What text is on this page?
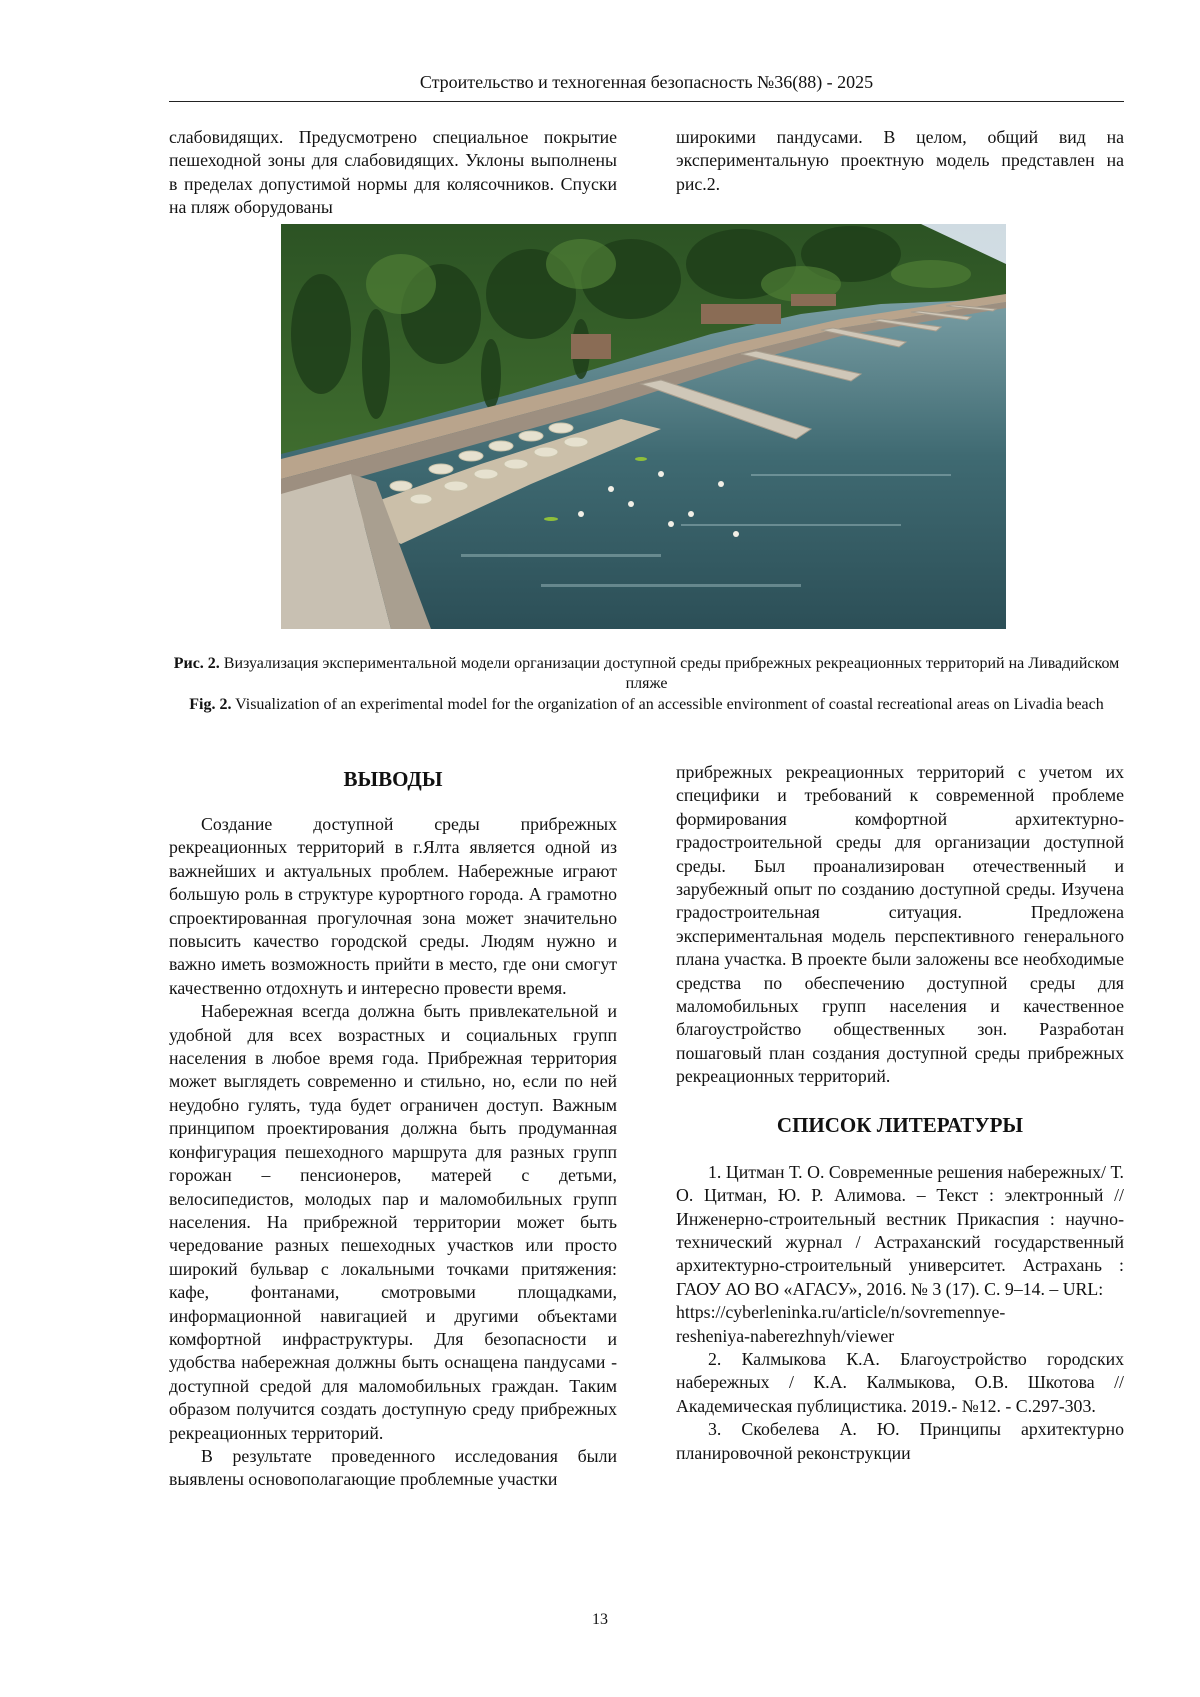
Строительство и техногенная безопасность №36(88) - 2025

слабовидящих. Предусмотрено специальное покрытие пешеходной зоны для слабовидящих. Уклоны выполнены в пределах допустимой нормы для колясочников. Спуски на пляж оборудованы

широкими пандусами. В целом, общий вид на экспериментальную проектную модель представлен на рис.2.

Рис. 2. Визуализация экспериментальной модели организации доступной среды прибрежных рекреационных территорий на Ливадийском пляже
Fig. 2. Visualization of an experimental model for the organization of an accessible environment of coastal recreational areas on Livadia beach
ВЫВОДЫ

Создание доступной среды прибрежных рекреационных территорий в г.Ялта является одной из важнейших и актуальных проблем. Набережные играют большую роль в структуре курортного города. А грамотно спроектированная прогулочная зона может значительно повысить качество городской среды. Людям нужно и важно иметь возможность прийти в место, где они смогут качественно отдохнуть и интересно провести время.

Набережная всегда должна быть привлекательной и удобной для всех возрастных и социальных групп населения в любое время года. Прибрежная территория может выглядеть современно и стильно, но, если по ней неудобно гулять, туда будет ограничен доступ. Важным принципом проектирования должна быть продуманная конфигурация пешеходного маршрута для разных групп горожан – пенсионеров, матерей с детьми, велосипедистов, молодых пар и маломобильных групп населения. На прибрежной территории может быть чередование разных пешеходных участков или просто широкий бульвар с локальными точками притяжения: кафе, фонтанами, смотровыми площадками, информационной навигацией и другими объектами комфортной инфраструктуры. Для безопасности и удобства набережная должны быть оснащена пандусами - доступной средой для маломобильных граждан. Таким образом получится создать доступную среду прибрежных рекреационных территорий.

В результате проведенного исследования были выявлены основополагающие проблемные участки

прибрежных рекреационных территорий с учетом их специфики и требований к современной проблеме формирования комфортной архитектурно-градостроительной среды для организации доступной среды. Был проанализирован отечественный и зарубежный опыт по созданию доступной среды. Изучена градостроительная ситуация. Предложена экспериментальная модель перспективного генерального плана участка. В проекте были заложены все необходимые средства по обеспечению доступной среды для маломобильных групп населения и качественное благоустройство общественных зон. Разработан пошаговый план создания доступной среды прибрежных рекреационных территорий.

СПИСОК ЛИТЕРАТУРЫ

1. Цитман Т. О. Современные решения набережных/ Т. О. Цитман, Ю. Р. Алимова. – Текст : электронный // Инженерно-строительный вестник Прикаспия : научно-технический журнал / Астраханский государственный архитектурно-строительный университет. Астрахань : ГАОУ АО ВО «АГАСУ», 2016. № 3 (17). С. 9–14. – URL:
https://cyberleninka.ru/article/n/sovremennye-
resheniya-naberezhnyh/viewer

2. Калмыкова К.А. Благоустройство городских набережных / К.А. Калмыкова, О.В. Шкотова // Академическая публицистика. 2019.- №12. - С.297-303.

3. Скобелева А. Ю. Принципы архитектурно планировочной реконструкции

13
